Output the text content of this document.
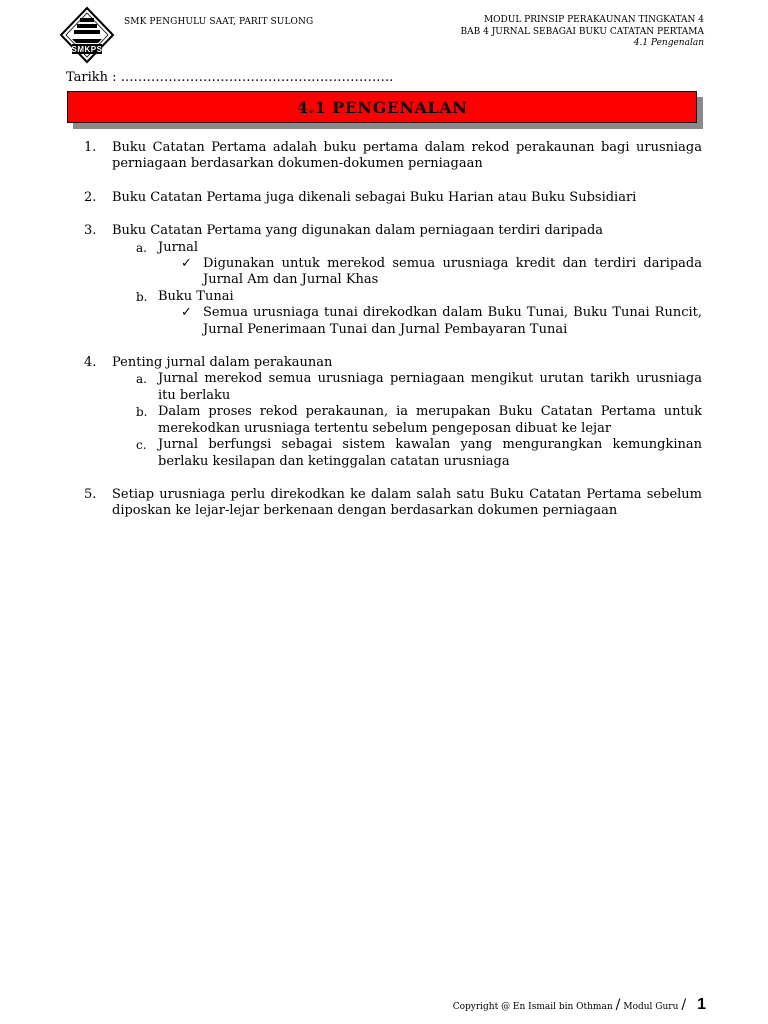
SMKPS
SMK PENGHULU SAAT, PARIT SULONG	MODUL PRINSIP PERAKAUNAN TINGKATAN 4
BAB 4 JURNAL SEBAGAI BUKU CATATAN PERTAMA
4.1 Pengenalan
Tarikh : ...............................................................
4.1 PENGENALAN
1.	Buku Catatan Pertama adalah buku pertama dalam rekod perakaunan bagi urusniaga perniagaan berdasarkan dokumen-dokumen perniagaan
2.	Buku Catatan Pertama juga dikenali sebagai Buku Harian atau Buku Subsidiari
3.	Buku Catatan Pertama yang digunakan dalam perniagaan terdiri daripada
a. Jurnal
✓ Digunakan untuk merekod semua urusniaga kredit dan terdiri daripada Jurnal Am dan Jurnal Khas
b. Buku Tunai
✓ Semua urusniaga tunai direkodkan dalam Buku Tunai, Buku Tunai Runcit, Jurnal Penerimaan Tunai dan Jurnal Pembayaran Tunai
4.	Penting jurnal dalam perakaunan
a. Jurnal merekod semua urusniaga perniagaan mengikut urutan tarikh urusniaga itu berlaku
b. Dalam proses rekod perakaunan, ia merupakan Buku Catatan Pertama untuk merekodkan urusniaga tertentu sebelum pengeposan dibuat ke lejar
c. Jurnal berfungsi sebagai sistem kawalan yang mengurangkan kemungkinan berlaku kesilapan dan ketinggalan catatan urusniaga
5.	Setiap urusniaga perlu direkodkan ke dalam salah satu Buku Catatan Pertama sebelum diposkan ke lejar-lejar berkenaan dengan berdasarkan dokumen perniagaan
Copyright @ En Ismail bin Othman / Modul Guru / 1
